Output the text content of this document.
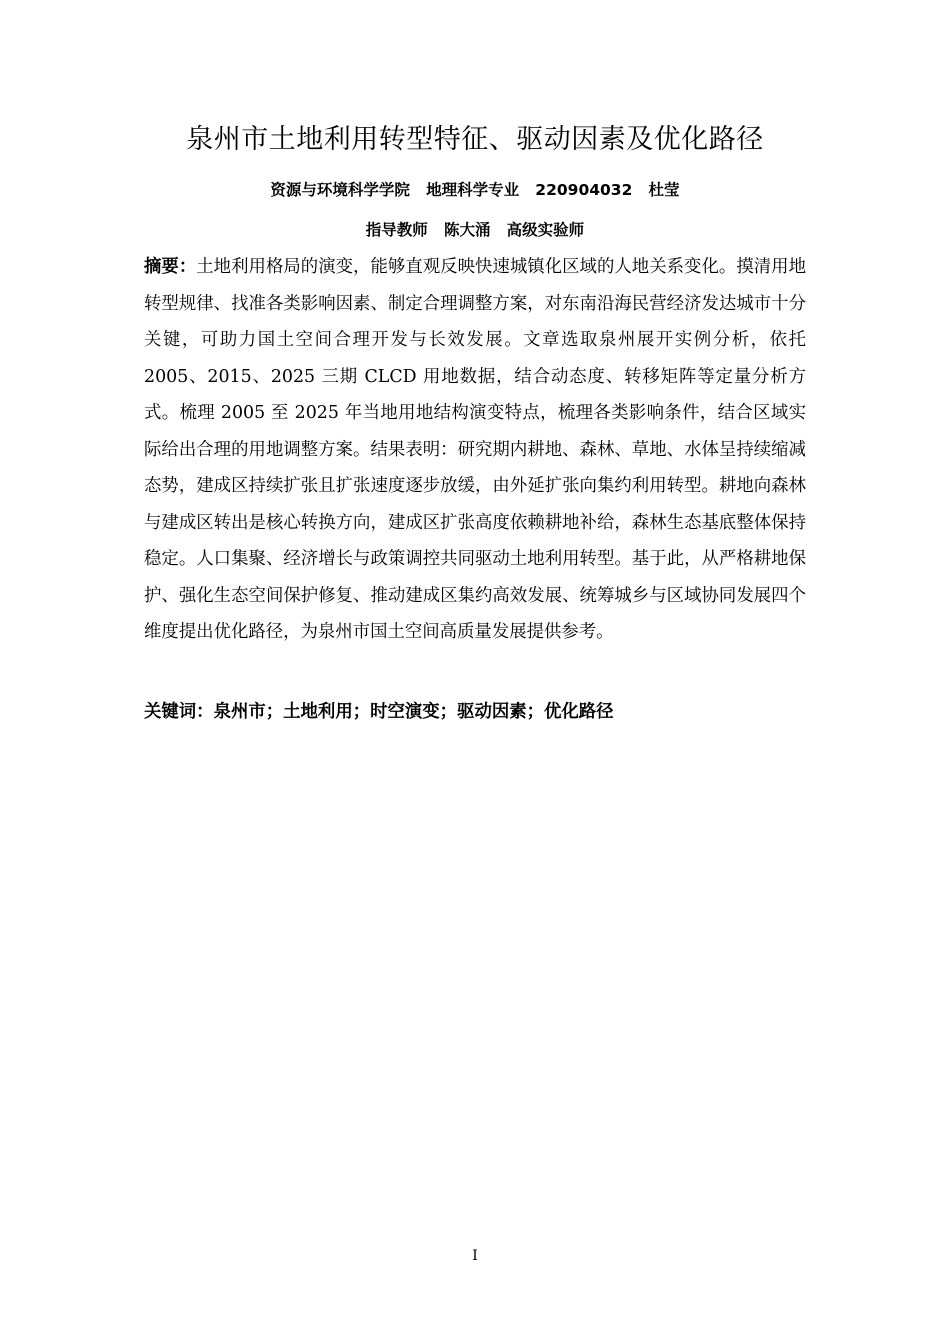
泉州市土地利用转型特征、驱动因素及优化路径
资源与环境科学学院   地理科学专业   220904032   杜莹
指导教师   陈大涌   高级实验师

摘要：土地利用格局的演变，能够直观反映快速城镇化区域的人地关系变化。摸清用地转型规律、找准各类影响因素、制定合理调整方案，对东南沿海民营经济发达城市十分关键，可助力国土空间合理开发与长效发展。文章选取泉州展开实例分析，依托 2005、2015、2025 三期 CLCD 用地数据，结合动态度、转移矩阵等定量分析方式。梳理 2005 至 2025 年当地用地结构演变特点，梳理各类影响条件，结合区域实际给出合理的用地调整方案。结果表明：研究期内耕地、森林、草地、水体呈持续缩减态势，建成区持续扩张且扩张速度逐步放缓，由外延扩张向集约利用转型。耕地向森林与建成区转出是核心转换方向，建成区扩张高度依赖耕地补给，森林生态基底整体保持稳定。人口集聚、经济增长与政策调控共同驱动土地利用转型。基于此，从严格耕地保护、强化生态空间保护修复、推动建成区集约高效发展、统筹城乡与区域协同发展四个维度提出优化路径，为泉州市国土空间高质量发展提供参考。

关键词：泉州市；土地利用；时空演变；驱动因素；优化路径

I
